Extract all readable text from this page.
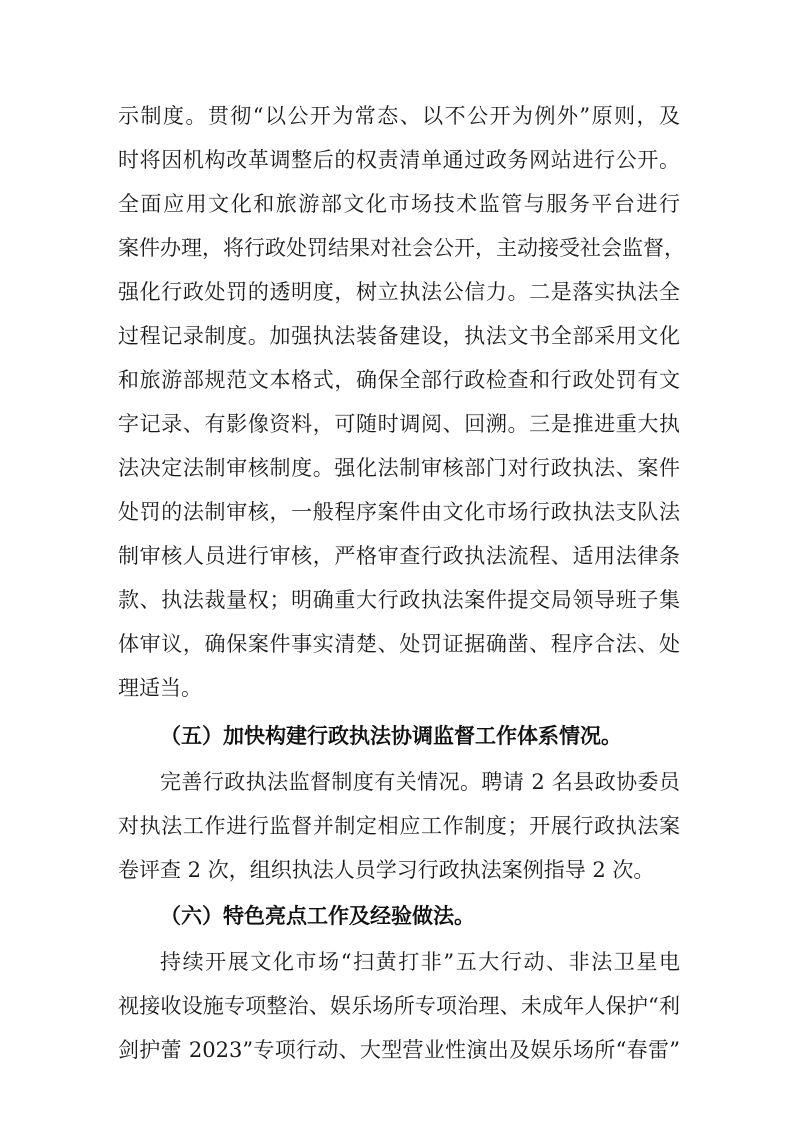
示制度。贯彻“以公开为常态、以不公开为例外”原则，及
时将因机构改革调整后的权责清单通过政务网站进行公开。
全面应用文化和旅游部文化市场技术监管与服务平台进行
案件办理，将行政处罚结果对社会公开，主动接受社会监督，
强化行政处罚的透明度，树立执法公信力。二是落实执法全
过程记录制度。加强执法装备建设，执法文书全部采用文化
和旅游部规范文本格式，确保全部行政检查和行政处罚有文
字记录、有影像资料，可随时调阅、回溯。三是推进重大执
法决定法制审核制度。强化法制审核部门对行政执法、案件
处罚的法制审核，一般程序案件由文化市场行政执法支队法
制审核人员进行审核，严格审查行政执法流程、适用法律条
款、执法裁量权；明确重大行政执法案件提交局领导班子集
体审议，确保案件事实清楚、处罚证据确凿、程序合法、处
理适当。
（五）加快构建行政执法协调监督工作体系情况。
完善行政执法监督制度有关情况。聘请 2 名县政协委员
对执法工作进行监督并制定相应工作制度；开展行政执法案
卷评查 2 次，组织执法人员学习行政执法案例指导 2 次。
（六）特色亮点工作及经验做法。
持续开展文化市场“扫黄打非”五大行动、非法卫星电
视接收设施专项整治、娱乐场所专项治理、未成年人保护“利
剑护蕾 2023”专项行动、大型营业性演出及娱乐场所“春雷”
